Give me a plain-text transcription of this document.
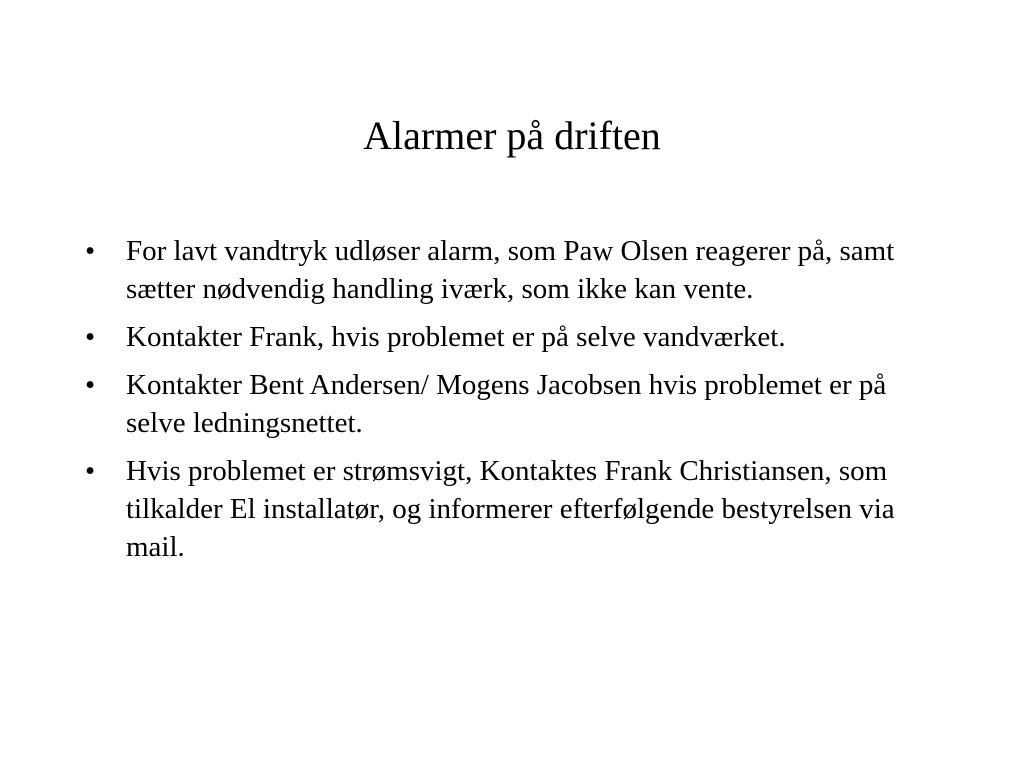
Alarmer på driften
•	For lavt vandtryk udløser alarm, som Paw Olsen reagerer på, samt sætter nødvendig handling iværk, som ikke kan vente.
•	Kontakter Frank, hvis problemet er på selve vandværket.
•	Kontakter Bent Andersen/ Mogens Jacobsen hvis problemet er på selve ledningsnettet.
•	Hvis problemet er strømsvigt, Kontaktes Frank Christiansen, som tilkalder El installatør, og informerer efterfølgende bestyrelsen via mail.
